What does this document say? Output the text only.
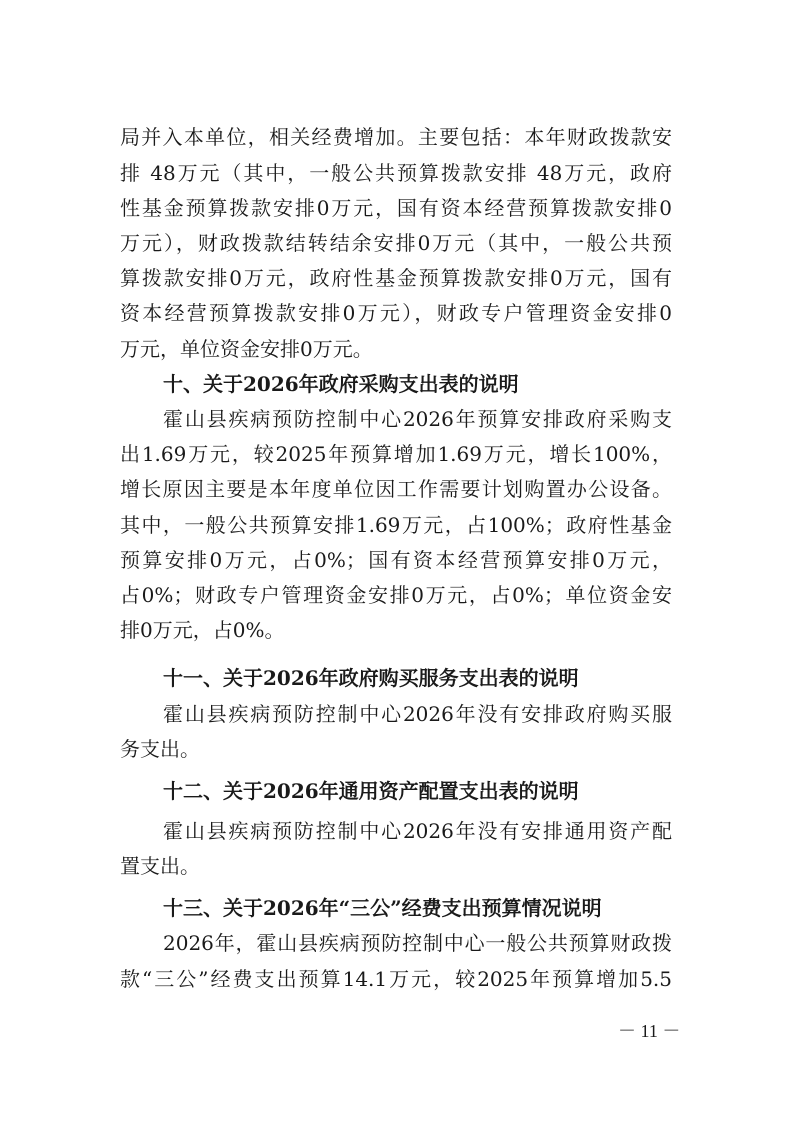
局并入本单位，相关经费增加。主要包括：本年财政拨款安
排 48万元（其中，一般公共预算拨款安排 48万元，政府
性基金预算拨款安排0万元，国有资本经营预算拨款安排0
万元），财政拨款结转结余安排0万元（其中，一般公共预
算拨款安排0万元，政府性基金预算拨款安排0万元，国有
资本经营预算拨款安排0万元），财政专户管理资金安排0
万元，单位资金安排0万元。
十、关于2026年政府采购支出表的说明
霍山县疾病预防控制中心2026年预算安排政府采购支
出1.69万元，较2025年预算增加1.69万元，增长100%，
增长原因主要是本年度单位因工作需要计划购置办公设备。
其中，一般公共预算安排1.69万元，占100%；政府性基金
预算安排0万元，占0%；国有资本经营预算安排0万元，
占0%；财政专户管理资金安排0万元，占0%；单位资金安
排0万元，占0%。
十一、关于2026年政府购买服务支出表的说明
霍山县疾病预防控制中心2026年没有安排政府购买服
务支出。
十二、关于2026年通用资产配置支出表的说明
霍山县疾病预防控制中心2026年没有安排通用资产配
置支出。
十三、关于2026年“三公”经费支出预算情况说明
2026年，霍山县疾病预防控制中心一般公共预算财政拨
款“三公”经费支出预算14.1万元，较2025年预算增加5.5
－ 11 －
